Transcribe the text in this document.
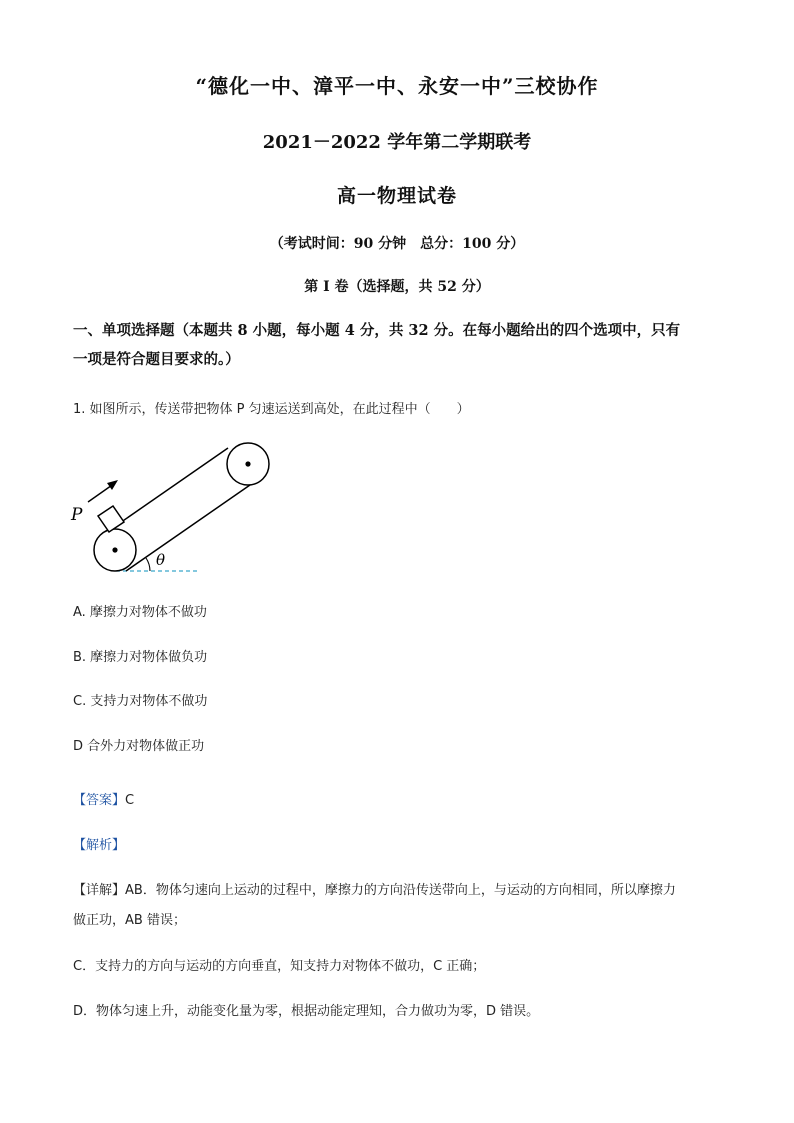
“德化一中、漳平一中、永安一中”三校协作
2021－2022 学年第二学期联考
高一物理试卷
（考试时间：90 分钟　总分：100 分）
第 I 卷（选择题，共 52 分）
一、单项选择题（本题共 8 小题，每小题 4 分，共 32 分。在每小题给出的四个选项中，只有
一项是符合题目要求的。）
1. 如图所示，传送带把物体 P 匀速运送到高处，在此过程中（　　）
θ
P
A. 摩擦力对物体不做功
B. 摩擦力对物体做负功
C. 支持力对物体不做功
D 合外力对物体做正功
【答案】C
【解析】
【详解】AB．物体匀速向上运动的过程中，摩擦力的方向沿传送带向上，与运动的方向相同，所以摩擦力
做正功，AB 错误；
C．支持力的方向与运动的方向垂直，知支持力对物体不做功，C 正确；
D．物体匀速上升，动能变化量为零，根据动能定理知，合力做功为零，D 错误。
